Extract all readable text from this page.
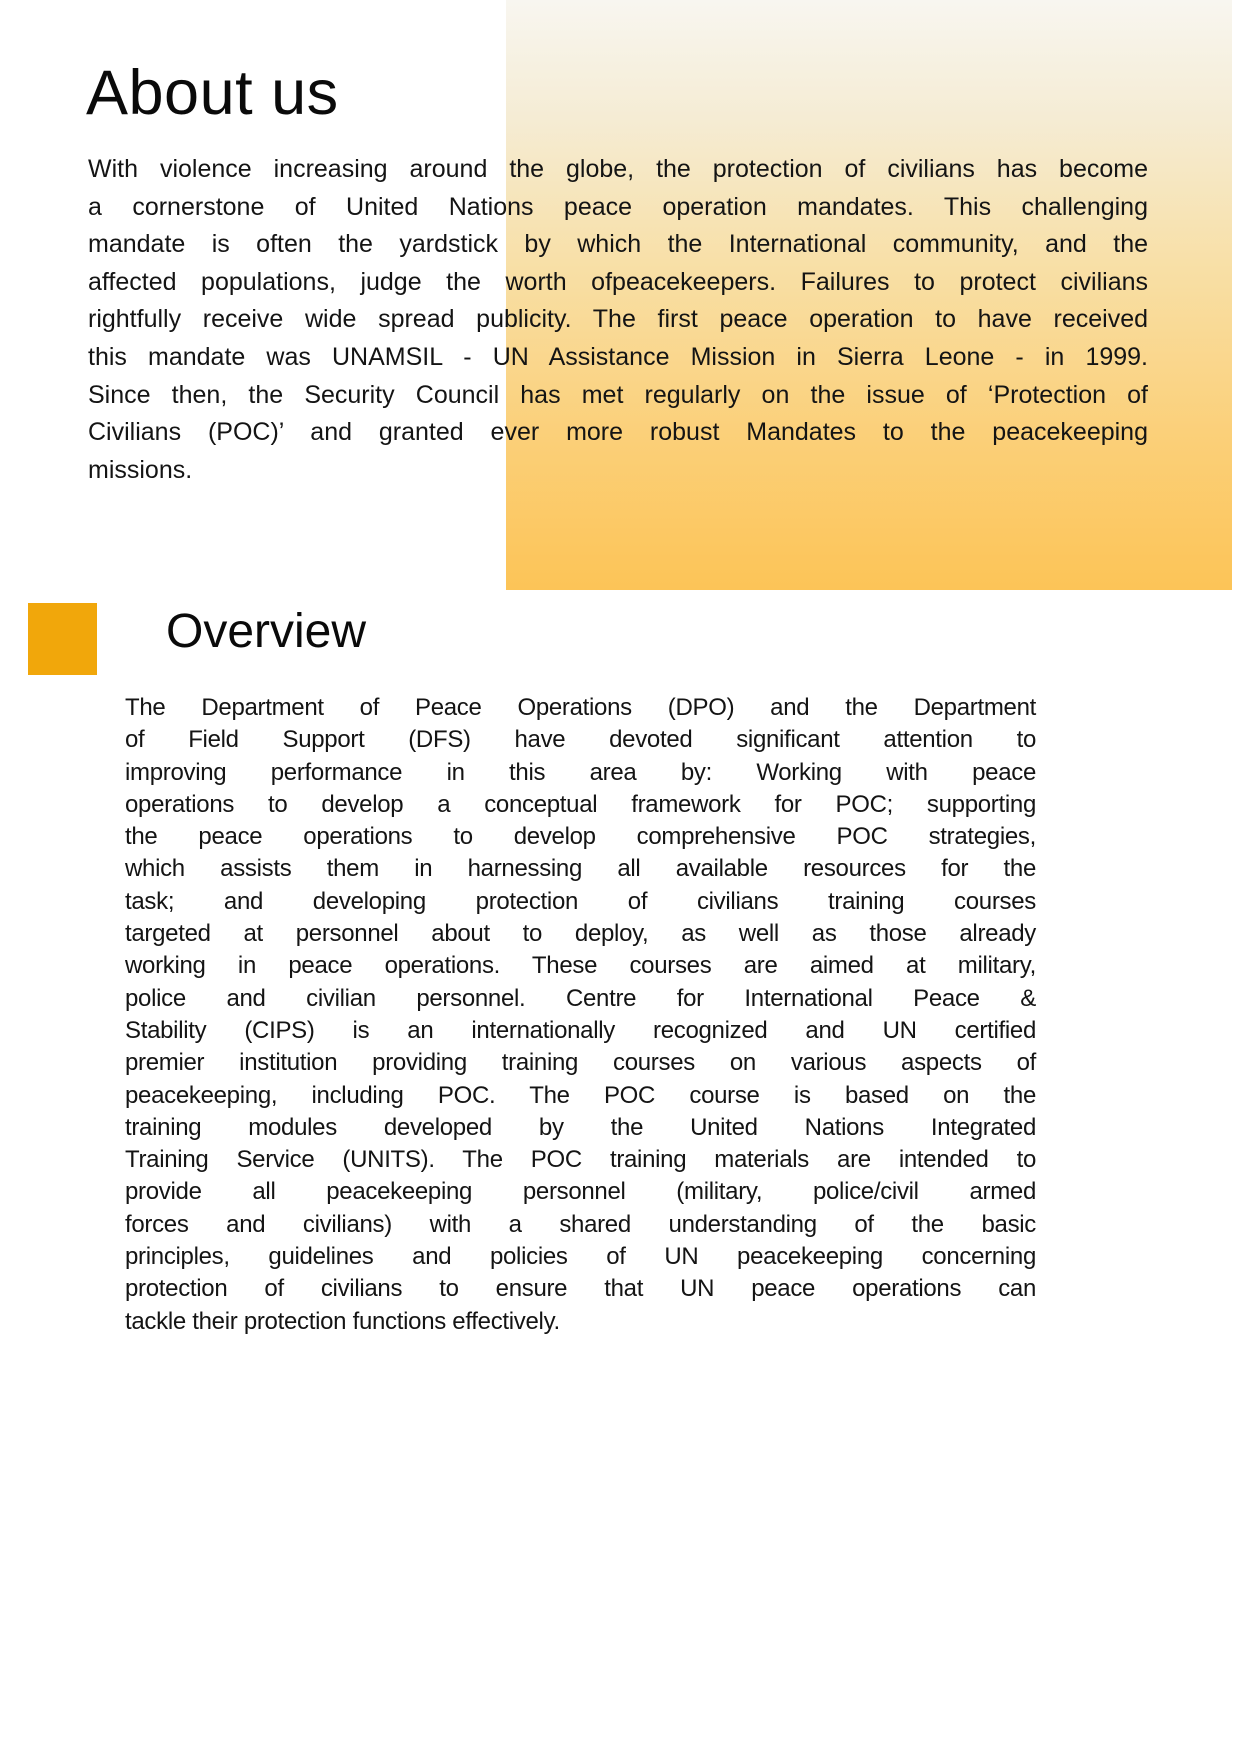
About us
With violence increasing around the globe, the protection of civilians has become
a cornerstone of United Nations peace operation mandates. This challenging
mandate is often the yardstick by which the International community, and the
affected populations, judge the worth ofpeacekeepers. Failures to protect civilians
rightfully receive wide spread publicity. The first peace operation to have received
this mandate was UNAMSIL - UN Assistance Mission in Sierra Leone - in 1999.
Since then, the Security Council has met regularly on the issue of ‘Protection of
Civilians (POC)’ and granted ever more robust Mandates to the peacekeeping
missions.
Overview
The Department of Peace Operations (DPO) and the Department
of Field Support (DFS) have devoted significant attention to
improving performance in this area by: Working with peace
operations to develop a conceptual framework for POC; supporting
the peace operations to develop comprehensive POC strategies,
which assists them in harnessing all available resources for the
task; and developing protection of civilians training courses
targeted at personnel about to deploy, as well as those already
working in peace operations. These courses are aimed at military,
police and civilian personnel. Centre for International Peace &
Stability (CIPS) is an internationally recognized and UN certified
premier institution providing training courses on various aspects of
peacekeeping, including POC. The POC course is based on the
training modules developed by the United Nations Integrated
Training Service (UNITS). The POC training materials are intended to
provide all peacekeeping personnel (military, police/civil armed
forces and civilians) with a shared understanding of the basic
principles, guidelines and policies of UN peacekeeping concerning
protection of civilians to ensure that UN peace operations can
tackle their protection functions effectively.
